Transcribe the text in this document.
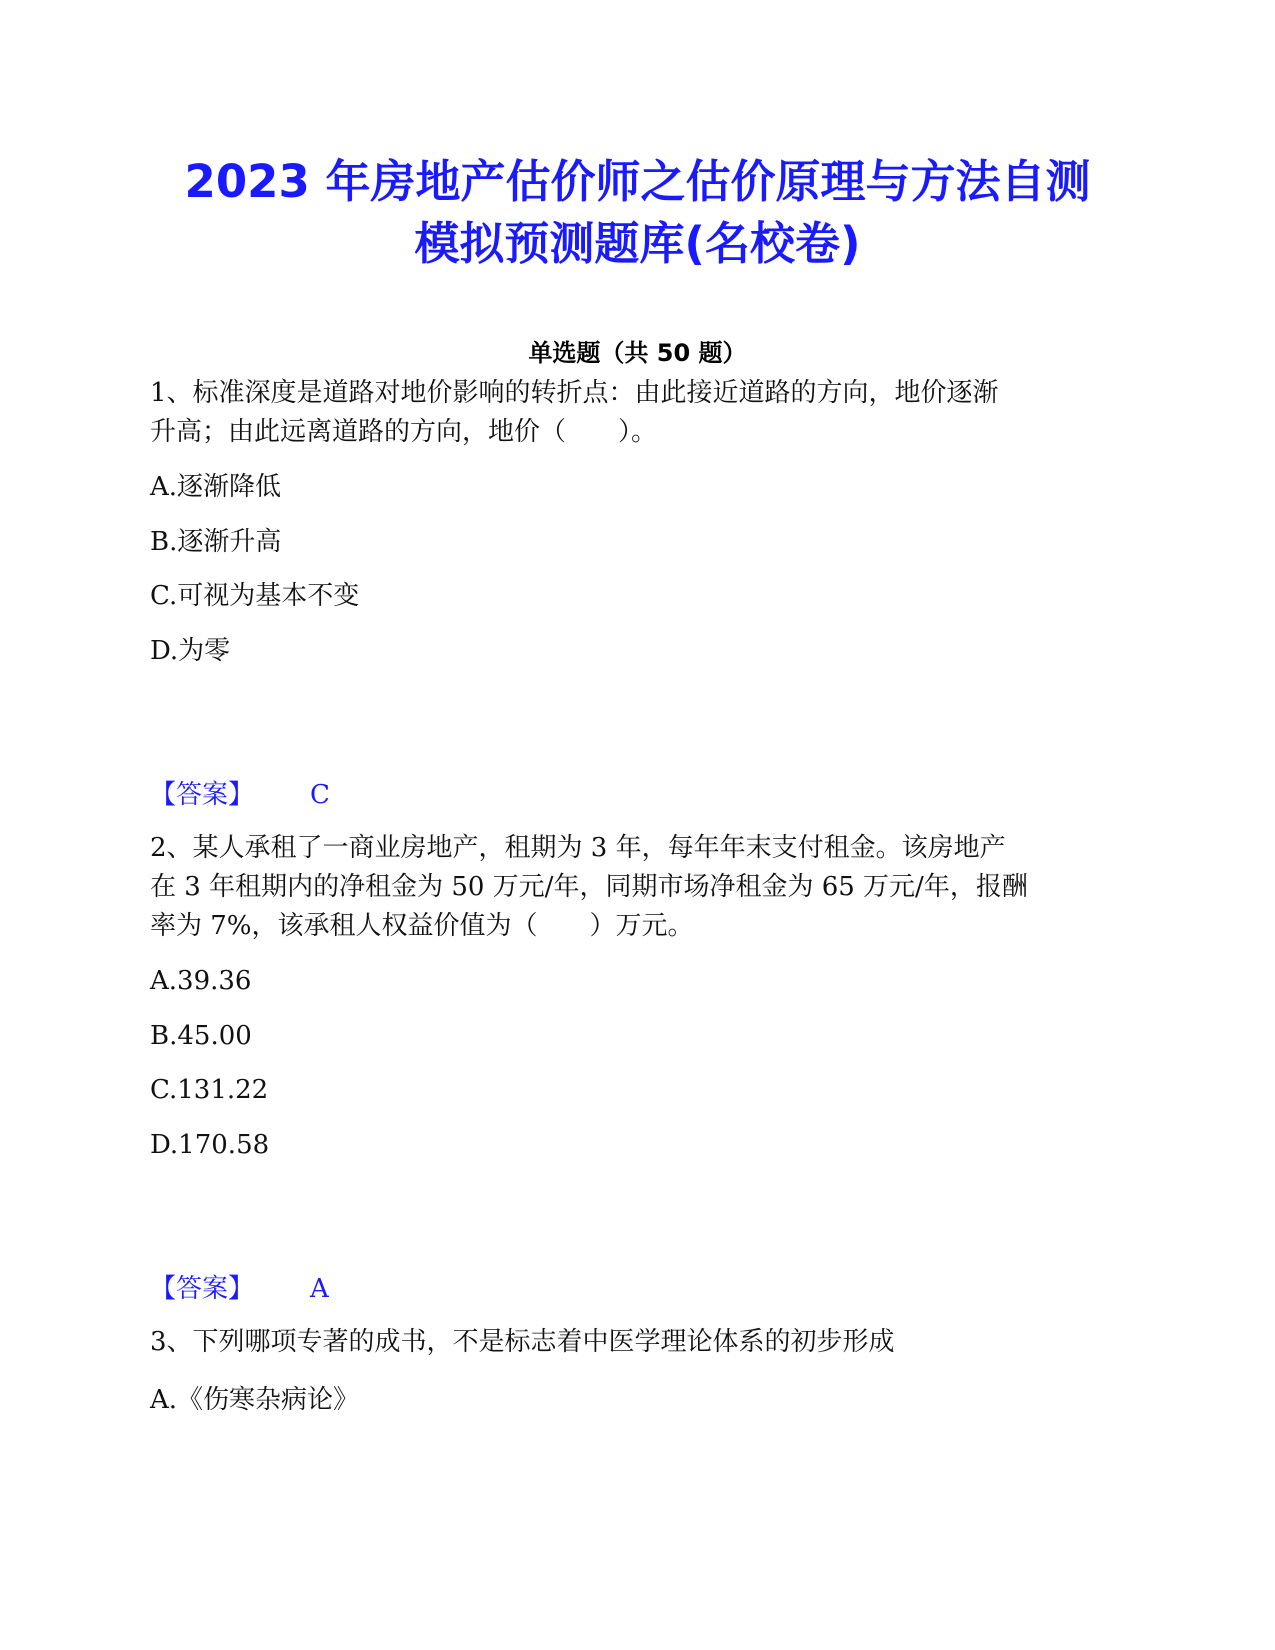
2023 年房地产估价师之估价原理与方法自测
模拟预测题库(名校卷)
单选题（共 50 题）
1、标准深度是道路对地价影响的转折点：由此接近道路的方向，地价逐渐
升高；由此远离道路的方向，地价（　　）。
A.逐渐降低
B.逐渐升高
C.可视为基本不变
D.为零
【答案】 C
2、某人承租了一商业房地产，租期为 3 年，每年年末支付租金。该房地产
在 3 年租期内的净租金为 50 万元/年，同期市场净租金为 65 万元/年，报酬
率为 7%，该承租人权益价值为（　　）万元。
A.39.36
B.45.00
C.131.22
D.170.58
【答案】 A
3、下列哪项专著的成书，不是标志着中医学理论体系的初步形成
A.《伤寒杂病论》
